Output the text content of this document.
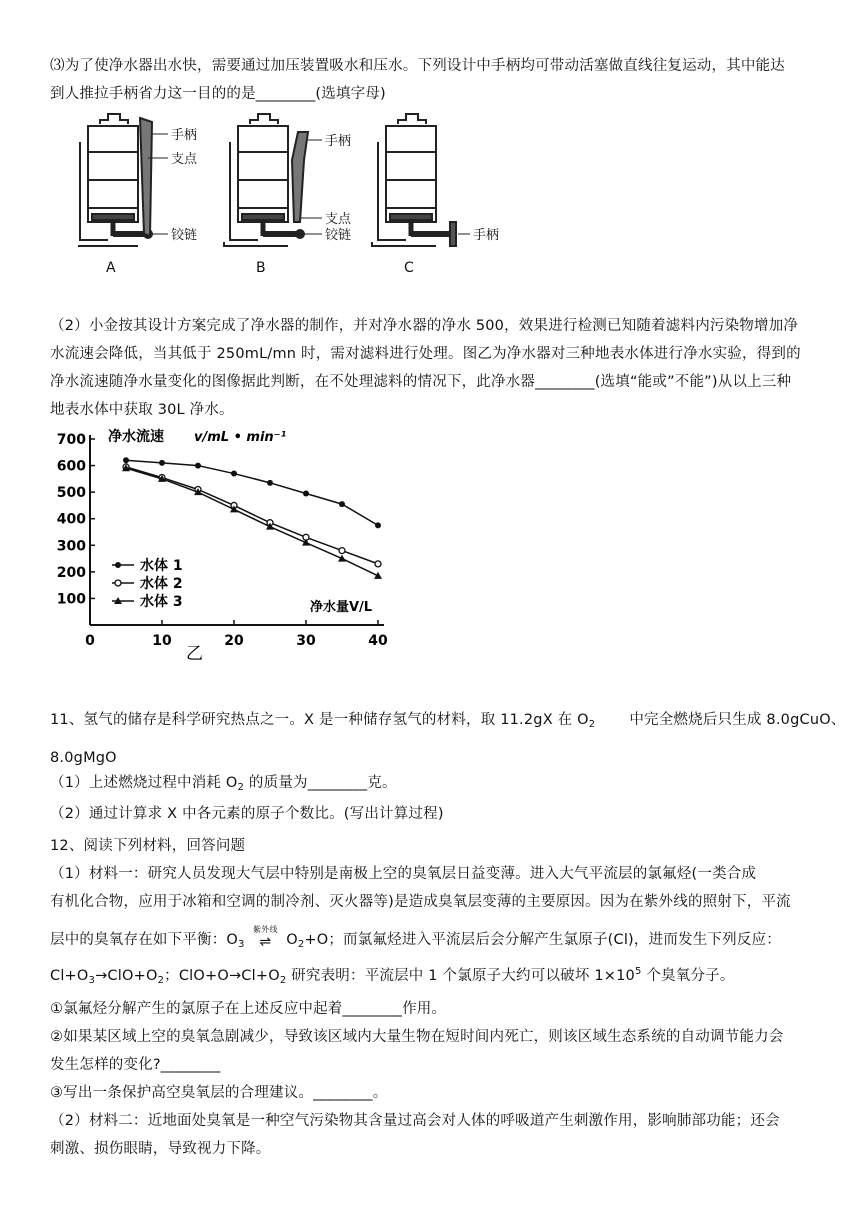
⑶为了使净水器出水快，需要通过加压装置吸水和压水。下列设计中手柄均可带动活塞做直线往复运动，其中能达
到人推拉手柄省力这一目的的是________(选填字母)
手柄
支点
铰链
A
手柄
支点
铰链
B
手柄
C
（2）小金按其设计方案完成了净水器的制作，并对净水器的净水 500，效果进行检测已知随着滤料内污染物增加净
水流速会降低，当其低于 250mL/mn 时，需对滤料进行处理。图乙为净水器对三种地表水体进行净水实验，得到的
净水流速随净水量变化的图像据此判断，在不处理滤料的情况下，此净水器________(选填“能或”不能”)从以上三种
地表水体中获取 30L 净水。
100
200
300
400
500
600
700
0	10	20	30	40
净水流速 v/mL • min⁻¹
净水量V/L
乙
水体 1
水体 2
水体 3
11、氢气的储存是科学研究热点之一。X 是一种储存氢气的材料，取 11.2gX 在 $O_2$ 中完全燃烧后只生成 8.0gCuO、
8.0gMgO
（1）上述燃烧过程中消耗 $O_2$ 的质量为________克。
（2）通过计算求 X 中各元素的原子个数比。(写出计算过程)
12、阅读下列材料，回答问题
（1）材料一：研究人员发现大气层中特别是南极上空的臭氧层日益变薄。进入大气平流层的氯氟烃(一类合成
有机化合物，应用于冰箱和空调的制冷剂、灭火器等)是造成臭氧层变薄的主要原因。因为在紫外线的照射下，平流
层中的臭氧存在如下平衡：$O_3$
紫外线
⇌	$O_2+O$；而氯氟烃进入平流层后会分解产生氯原子(Cl)，进而发生下列反应：
$Cl+O_3\to ClO+O_2$；$ClO+O\to Cl+O_2$ 研究表明：平流层中 1 个氯原子大约可以破坏 $1\times 10^5$ 个臭氧分子。
①氯氟烃分解产生的氯原子在上述反应中起着________作用。
②如果某区域上空的臭氧急剧减少，导致该区域内大量生物在短时间内死亡，则该区域生态系统的自动调节能力会
发生怎样的变化?________
③写出一条保护高空臭氧层的合理建议。________。
（2）材料二：近地面处臭氧是一种空气污染物其含量过高会对人体的呼吸道产生刺激作用，影响肺部功能；还会
刺激、损伤眼睛，导致视力下降。
